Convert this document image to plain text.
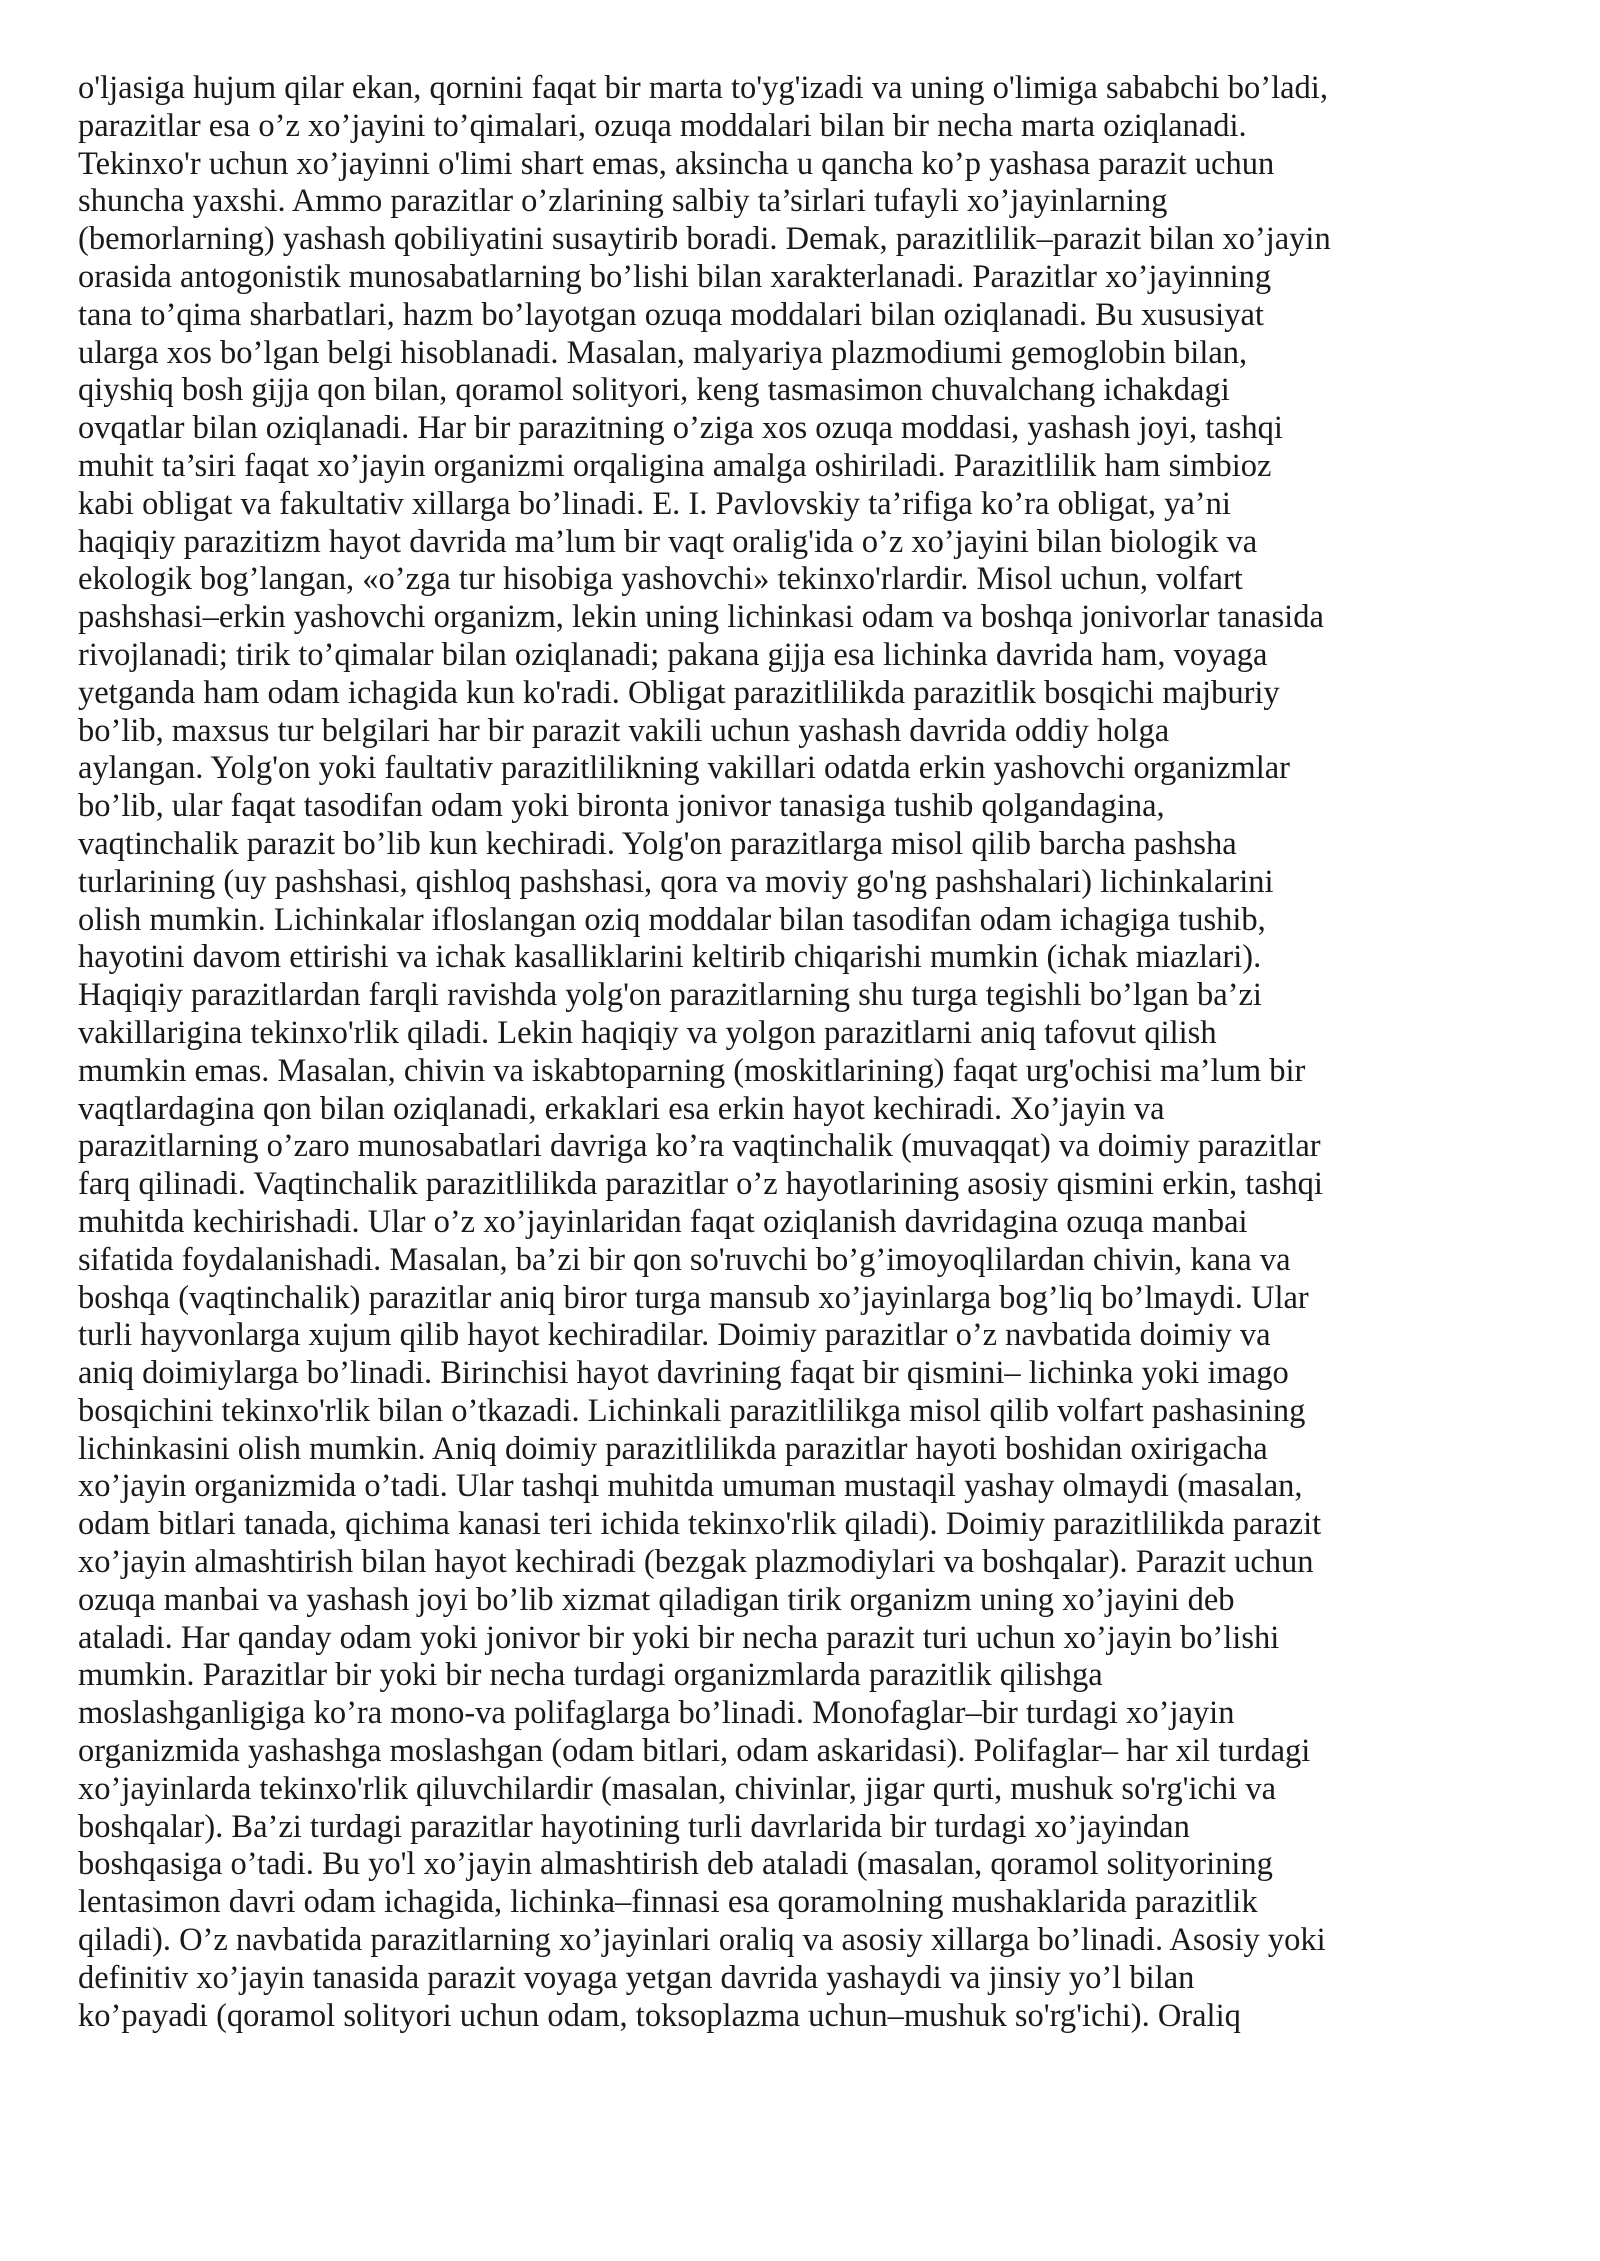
o'ljasiga hujum qilar ekan, qornini faqat bir marta to'yg'izadi va uning o'limiga sababchi bo’ladi,
parazitlar esa o’z xo’jayini to’qimalari, ozuqa moddalari bilan bir necha marta oziqlanadi.
Tekinxo'r uchun xo’jayinni o'limi shart emas, aksincha u qancha ko’p yashasa parazit uchun
shuncha yaxshi. Ammo parazitlar o’zlarining salbiy ta’sirlari tufayli xo’jayinlarning
(bemorlarning) yashash qobiliyatini susaytirib boradi. Demak, parazitlilik–parazit bilan xo’jayin
orasida antogonistik munosabatlarning bo’lishi bilan xarakterlanadi. Parazitlar xo’jayinning
tana to’qima sharbatlari, hazm bo’layotgan ozuqa moddalari bilan oziqlanadi. Bu xususiyat
ularga xos bo’lgan belgi hisoblanadi. Masalan, malyariya plazmodiumi gemoglobin bilan,
qiyshiq bosh gijja qon bilan, qoramol solityori, keng tasmasimon chuvalchang ichakdagi
ovqatlar bilan oziqlanadi. Har bir parazitning o’ziga xos ozuqa moddasi, yashash joyi, tashqi
muhit ta’siri faqat xo’jayin organizmi orqaligina amalga oshiriladi. Parazitlilik ham simbioz
kabi obligat va fakultativ xillarga bo’linadi. E. I. Pavlovskiy ta’rifiga ko’ra obligat, ya’ni
haqiqiy parazitizm hayot davrida ma’lum bir vaqt oralig'ida o’z xo’jayini bilan biologik va
ekologik bog’langan, «o’zga tur hisobiga yashovchi» tekinxo'rlardir. Misol uchun, volfart
pashshasi–erkin yashovchi organizm, lekin uning lichinkasi odam va boshqa jonivorlar tanasida
rivojlanadi; tirik to’qimalar bilan oziqlanadi; pakana gijja esa lichinka davrida ham, voyaga
yetganda ham odam ichagida kun ko'radi. Obligat parazitlilikda parazitlik bosqichi majburiy
bo’lib, maxsus tur belgilari har bir parazit vakili uchun yashash davrida oddiy holga
aylangan. Yolg'on yoki faultativ parazitlilikning vakillari odatda erkin yashovchi organizmlar
bo’lib, ular faqat tasodifan odam yoki bironta jonivor tanasiga tushib qolgandagina,
vaqtinchalik parazit bo’lib kun kechiradi. Yolg'on parazitlarga misol qilib barcha pashsha
turlarining (uy pashshasi, qishloq pashshasi, qora va moviy go'ng pashshalari) lichinkalarini
olish mumkin. Lichinkalar ifloslangan oziq moddalar bilan tasodifan odam ichagiga tushib,
hayotini davom ettirishi va ichak kasalliklarini keltirib chiqarishi mumkin (ichak miazlari).
Haqiqiy parazitlardan farqli ravishda yolg'on parazitlarning shu turga tegishli bo’lgan ba’zi
vakillarigina tekinxo'rlik qiladi. Lekin haqiqiy va yolgon parazitlarni aniq tafovut qilish
mumkin emas. Masalan, chivin va iskabtoparning (moskitlarining) faqat urg'ochisi ma’lum bir
vaqtlardagina qon bilan oziqlanadi, erkaklari esa erkin hayot kechiradi. Xo’jayin va
parazitlarning o’zaro munosabatlari davriga ko’ra vaqtinchalik (muvaqqat) va doimiy parazitlar
farq qilinadi. Vaqtinchalik parazitlilikda parazitlar o’z hayotlarining asosiy qismini erkin, tashqi
muhitda kechirishadi. Ular o’z xo’jayinlaridan faqat oziqlanish davridagina ozuqa manbai
sifatida foydalanishadi. Masalan, ba’zi bir qon so'ruvchi bo’g’imoyoqlilardan chivin, kana va
boshqa (vaqtinchalik) parazitlar aniq biror turga mansub xo’jayinlarga bog’liq bo’lmaydi. Ular
turli hayvonlarga xujum qilib hayot kechiradilar. Doimiy parazitlar o’z navbatida doimiy va
aniq doimiylarga bo’linadi. Birinchisi hayot davrining faqat bir qismini– lichinka yoki imago
bosqichini tekinxo'rlik bilan o’tkazadi. Lichinkali parazitlilikga misol qilib volfart pashasining
lichinkasini olish mumkin. Aniq doimiy parazitlilikda parazitlar hayoti boshidan oxirigacha
xo’jayin organizmida o’tadi. Ular tashqi muhitda umuman mustaqil yashay olmaydi (masalan,
odam bitlari tanada, qichima kanasi teri ichida tekinxo'rlik qiladi). Doimiy parazitlilikda parazit
xo’jayin almashtirish bilan hayot kechiradi (bezgak plazmodiylari va boshqalar). Parazit uchun
ozuqa manbai va yashash joyi bo’lib xizmat qiladigan tirik organizm uning xo’jayini deb
ataladi. Har qanday odam yoki jonivor bir yoki bir necha parazit turi uchun xo’jayin bo’lishi
mumkin. Parazitlar bir yoki bir necha turdagi organizmlarda parazitlik qilishga
moslashganligiga ko’ra mono-va polifaglarga bo’linadi. Monofaglar–bir turdagi xo’jayin
organizmida yashashga moslashgan (odam bitlari, odam askaridasi). Polifaglar– har xil turdagi
xo’jayinlarda tekinxo'rlik qiluvchilardir (masalan, chivinlar, jigar qurti, mushuk so'rg'ichi va
boshqalar). Ba’zi turdagi parazitlar hayotining turli davrlarida bir turdagi xo’jayindan
boshqasiga o’tadi. Bu yo'l xo’jayin almashtirish deb ataladi (masalan, qoramol solityorining
lentasimon davri odam ichagida, lichinka–finnasi esa qoramolning mushaklarida parazitlik
qiladi). O’z navbatida parazitlarning xo’jayinlari oraliq va asosiy xillarga bo’linadi. Asosiy yoki
definitiv xo’jayin tanasida parazit voyaga yetgan davrida yashaydi va jinsiy yo’l bilan
ko’payadi (qoramol solityori uchun odam, toksoplazma uchun–mushuk so'rg'ichi). Oraliq
